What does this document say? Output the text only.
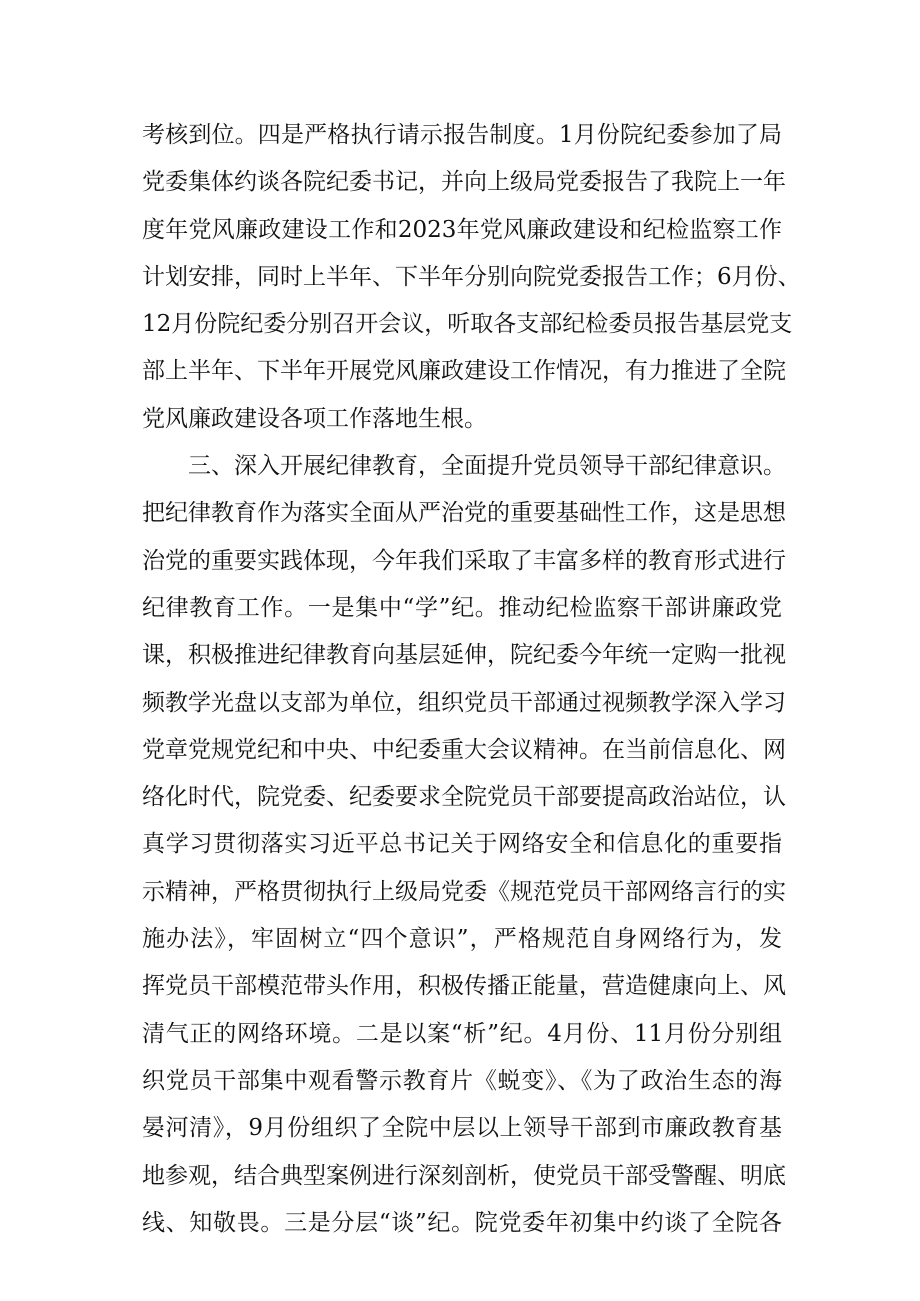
考核到位。四是严格执行请示报告制度。1月份院纪委参加了局
党委集体约谈各院纪委书记，并向上级局党委报告了我院上一年
度年党风廉政建设工作和2023年党风廉政建设和纪检监察工作
计划安排，同时上半年、下半年分别向院党委报告工作；6月份、
12月份院纪委分别召开会议，听取各支部纪检委员报告基层党支
部上半年、下半年开展党风廉政建设工作情况，有力推进了全院
党风廉政建设各项工作落地生根。
三、深入开展纪律教育，全面提升党员领导干部纪律意识。
把纪律教育作为落实全面从严治党的重要基础性工作，这是思想
治党的重要实践体现，今年我们采取了丰富多样的教育形式进行
纪律教育工作。一是集中“学”纪。推动纪检监察干部讲廉政党
课，积极推进纪律教育向基层延伸，院纪委今年统一定购一批视
频教学光盘以支部为单位，组织党员干部通过视频教学深入学习
党章党规党纪和中央、中纪委重大会议精神。在当前信息化、网
络化时代，院党委、纪委要求全院党员干部要提高政治站位，认
真学习贯彻落实习近平总书记关于网络安全和信息化的重要指
示精神，严格贯彻执行上级局党委《规范党员干部网络言行的实
施办法》，牢固树立“四个意识”，严格规范自身网络行为，发
挥党员干部模范带头作用，积极传播正能量，营造健康向上、风
清气正的网络环境。二是以案“析”纪。4月份、11月份分别组
织党员干部集中观看警示教育片《蜕变》、《为了政治生态的海
晏河清》，9月份组织了全院中层以上领导干部到市廉政教育基
地参观，结合典型案例进行深刻剖析，使党员干部受警醒、明底
线、知敬畏。三是分层“谈”纪。院党委年初集中约谈了全院各
